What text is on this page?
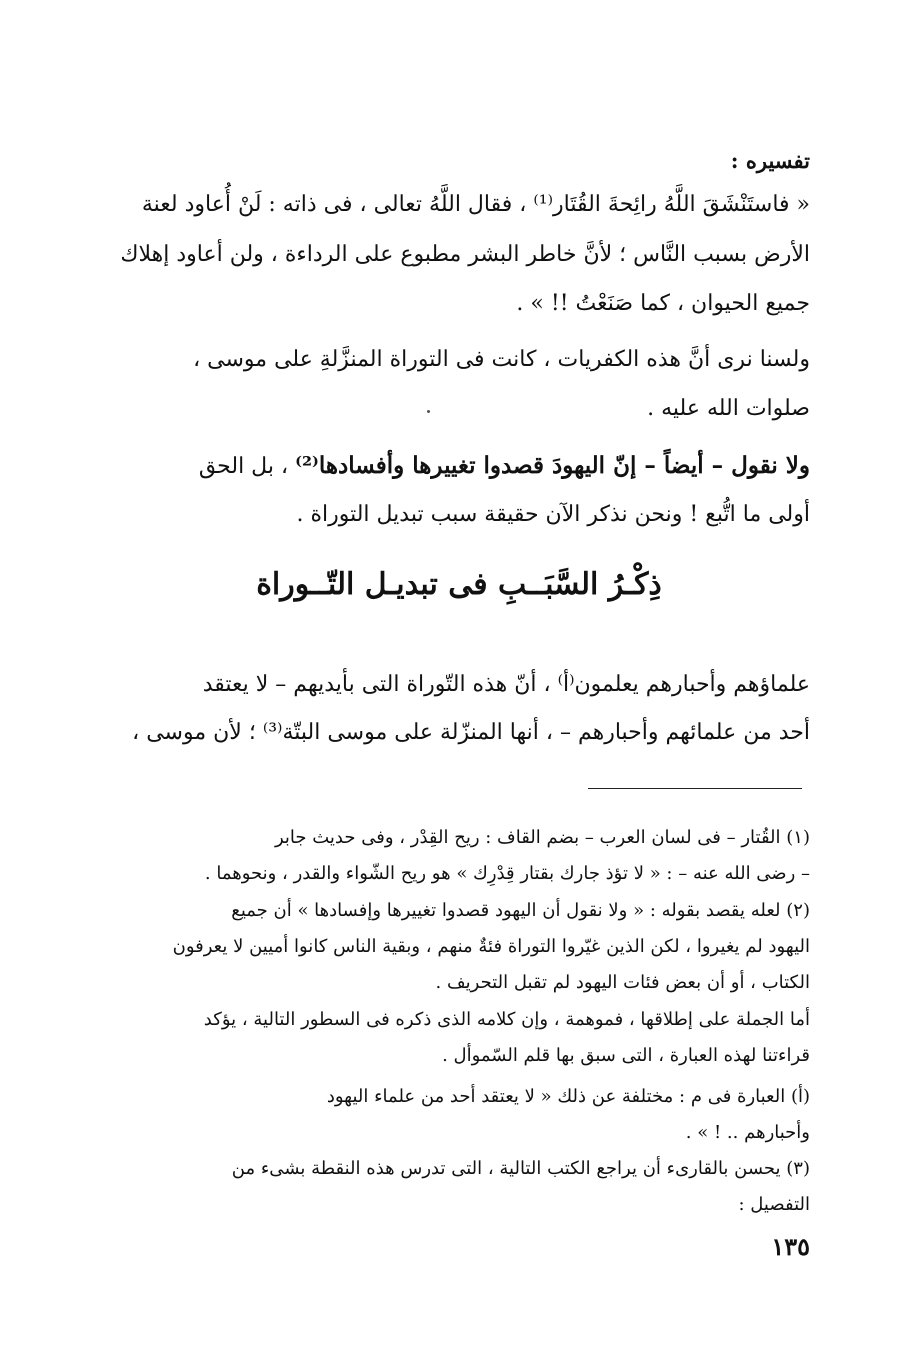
تفسيره :
« فاستَنْشَقَ اللَّهُ رائِحةَ القُتَار⁽¹⁾ ، فقال اللَّهُ تعالى ، فى ذاته : لَنْ أُعاود لعنة
الأرض بسبب النَّاس ؛ لأنَّ خاطر البشر مطبوع على الرداءة ، ولن أعاود إهلاك
جميع الحيوان ، كما صَنَعْتُ !! » .
ولسنا نرى أنَّ هذه الكفريات ، كانت فى التوراة المنزَّلةِ على موسى ،
صلوات الله عليه .
ولا نقول – أيضاً – إنّ اليهودَ قصدوا تغييرها وأفسادها⁽²⁾ ، بل الحق
أولى ما اتُّبع ! ونحن نذكر الآن حقيقة سبب تبديل التوراة .
ذِكْـرُ السَّبَــبِ فى تبديـل التّــوراة
علماؤهم وأحبارهم يعلمون⁽أ⁾ ، أنّ هذه التّوراة التى بأيديهم – لا يعتقد
أحد من علمائهم وأحبارهم – ، أنها المنزّلة على موسى البتّة⁽³⁾ ؛ لأن موسى ،
(١) القُتار – فى لسان العرب – بضم القاف : ريح القِدْر ، وفى حديث جابر
– رضى الله عنه – : « لا تؤذ جارك بقتار قِدْرِك » هو ريح الشّواء والقدر ، ونحوهما .
(٢) لعله يقصد بقوله : « ولا نقول أن اليهود قصدوا تغييرها وإفسادها » أن جميع
اليهود لم يغيروا ، لكن الذين غيّروا التوراة فئةٌ منهم ، وبقية الناس كانوا أميين لا يعرفون
الكتاب ، أو أن بعض فئات اليهود لم تقبل التحريف .
أما الجملة على إطلاقها ، فموهمة ، وإن كلامه الذى ذكره فى السطور التالية ، يؤكد
قراءتنا لهذه العبارة ، التى سبق بها قلم السّموأل .
(أ) العبارة فى م : مختلفة عن ذلك « لا يعتقد أحد من علماء اليهود
وأحبارهم .. ! » .
(٣) يحسن بالقارىء أن يراجع الكتب التالية ، التى تدرس هذه النقطة بشىء من
التفصيل :
١٣٥
